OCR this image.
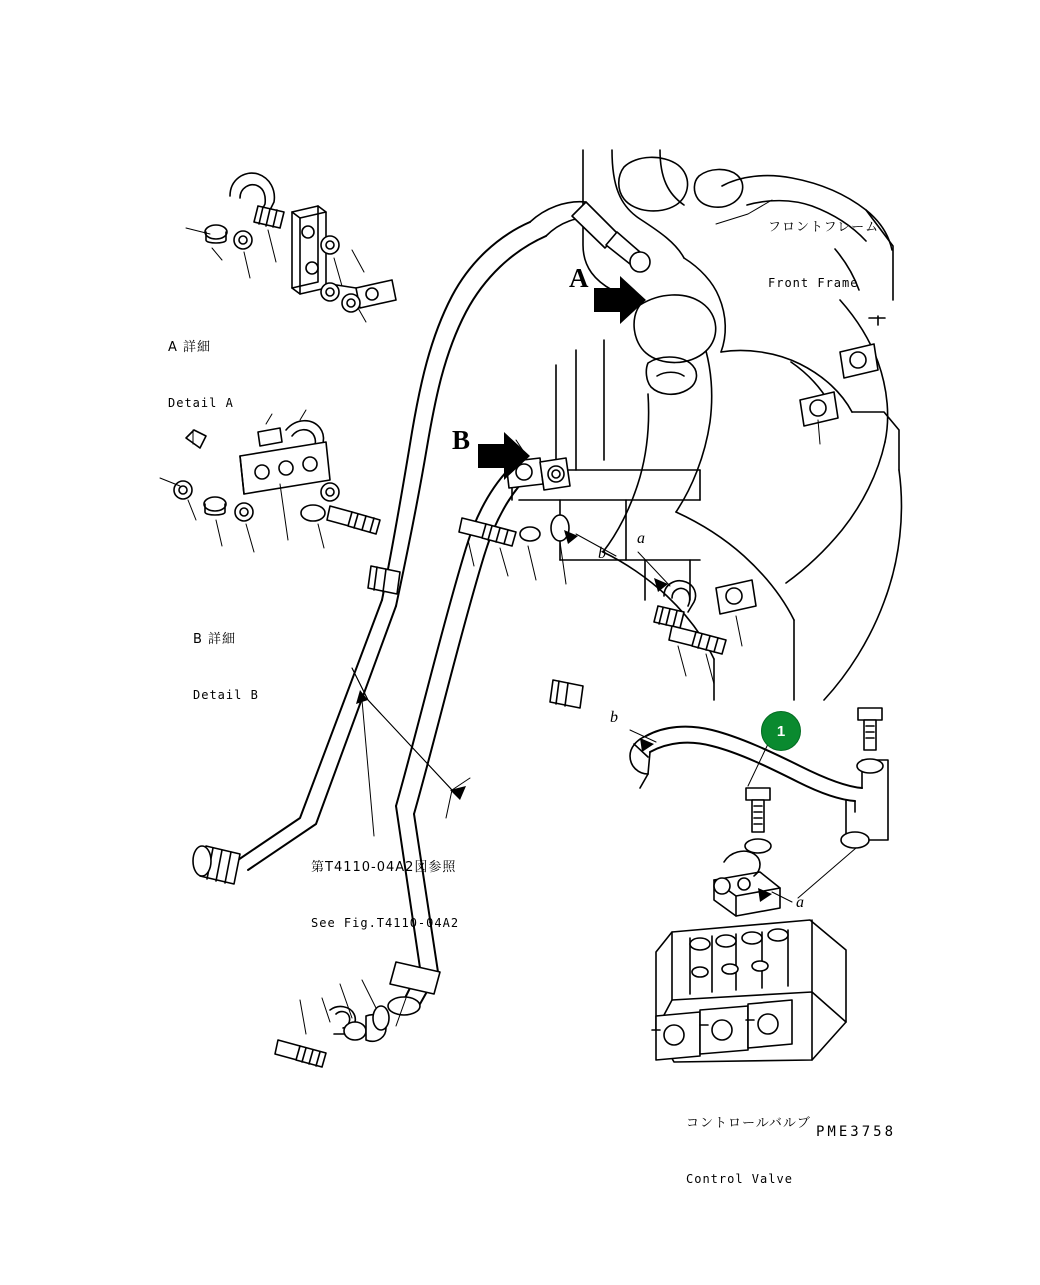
フロントフレーム

Front Frame

A 詳細

Detail A

B 詳細

Detail B

第T4110-04A2図参照

See Fig.T4110-04A2

コントロールバルブ

Control Valve

A
B
b
a
b
a
1
PME3758
